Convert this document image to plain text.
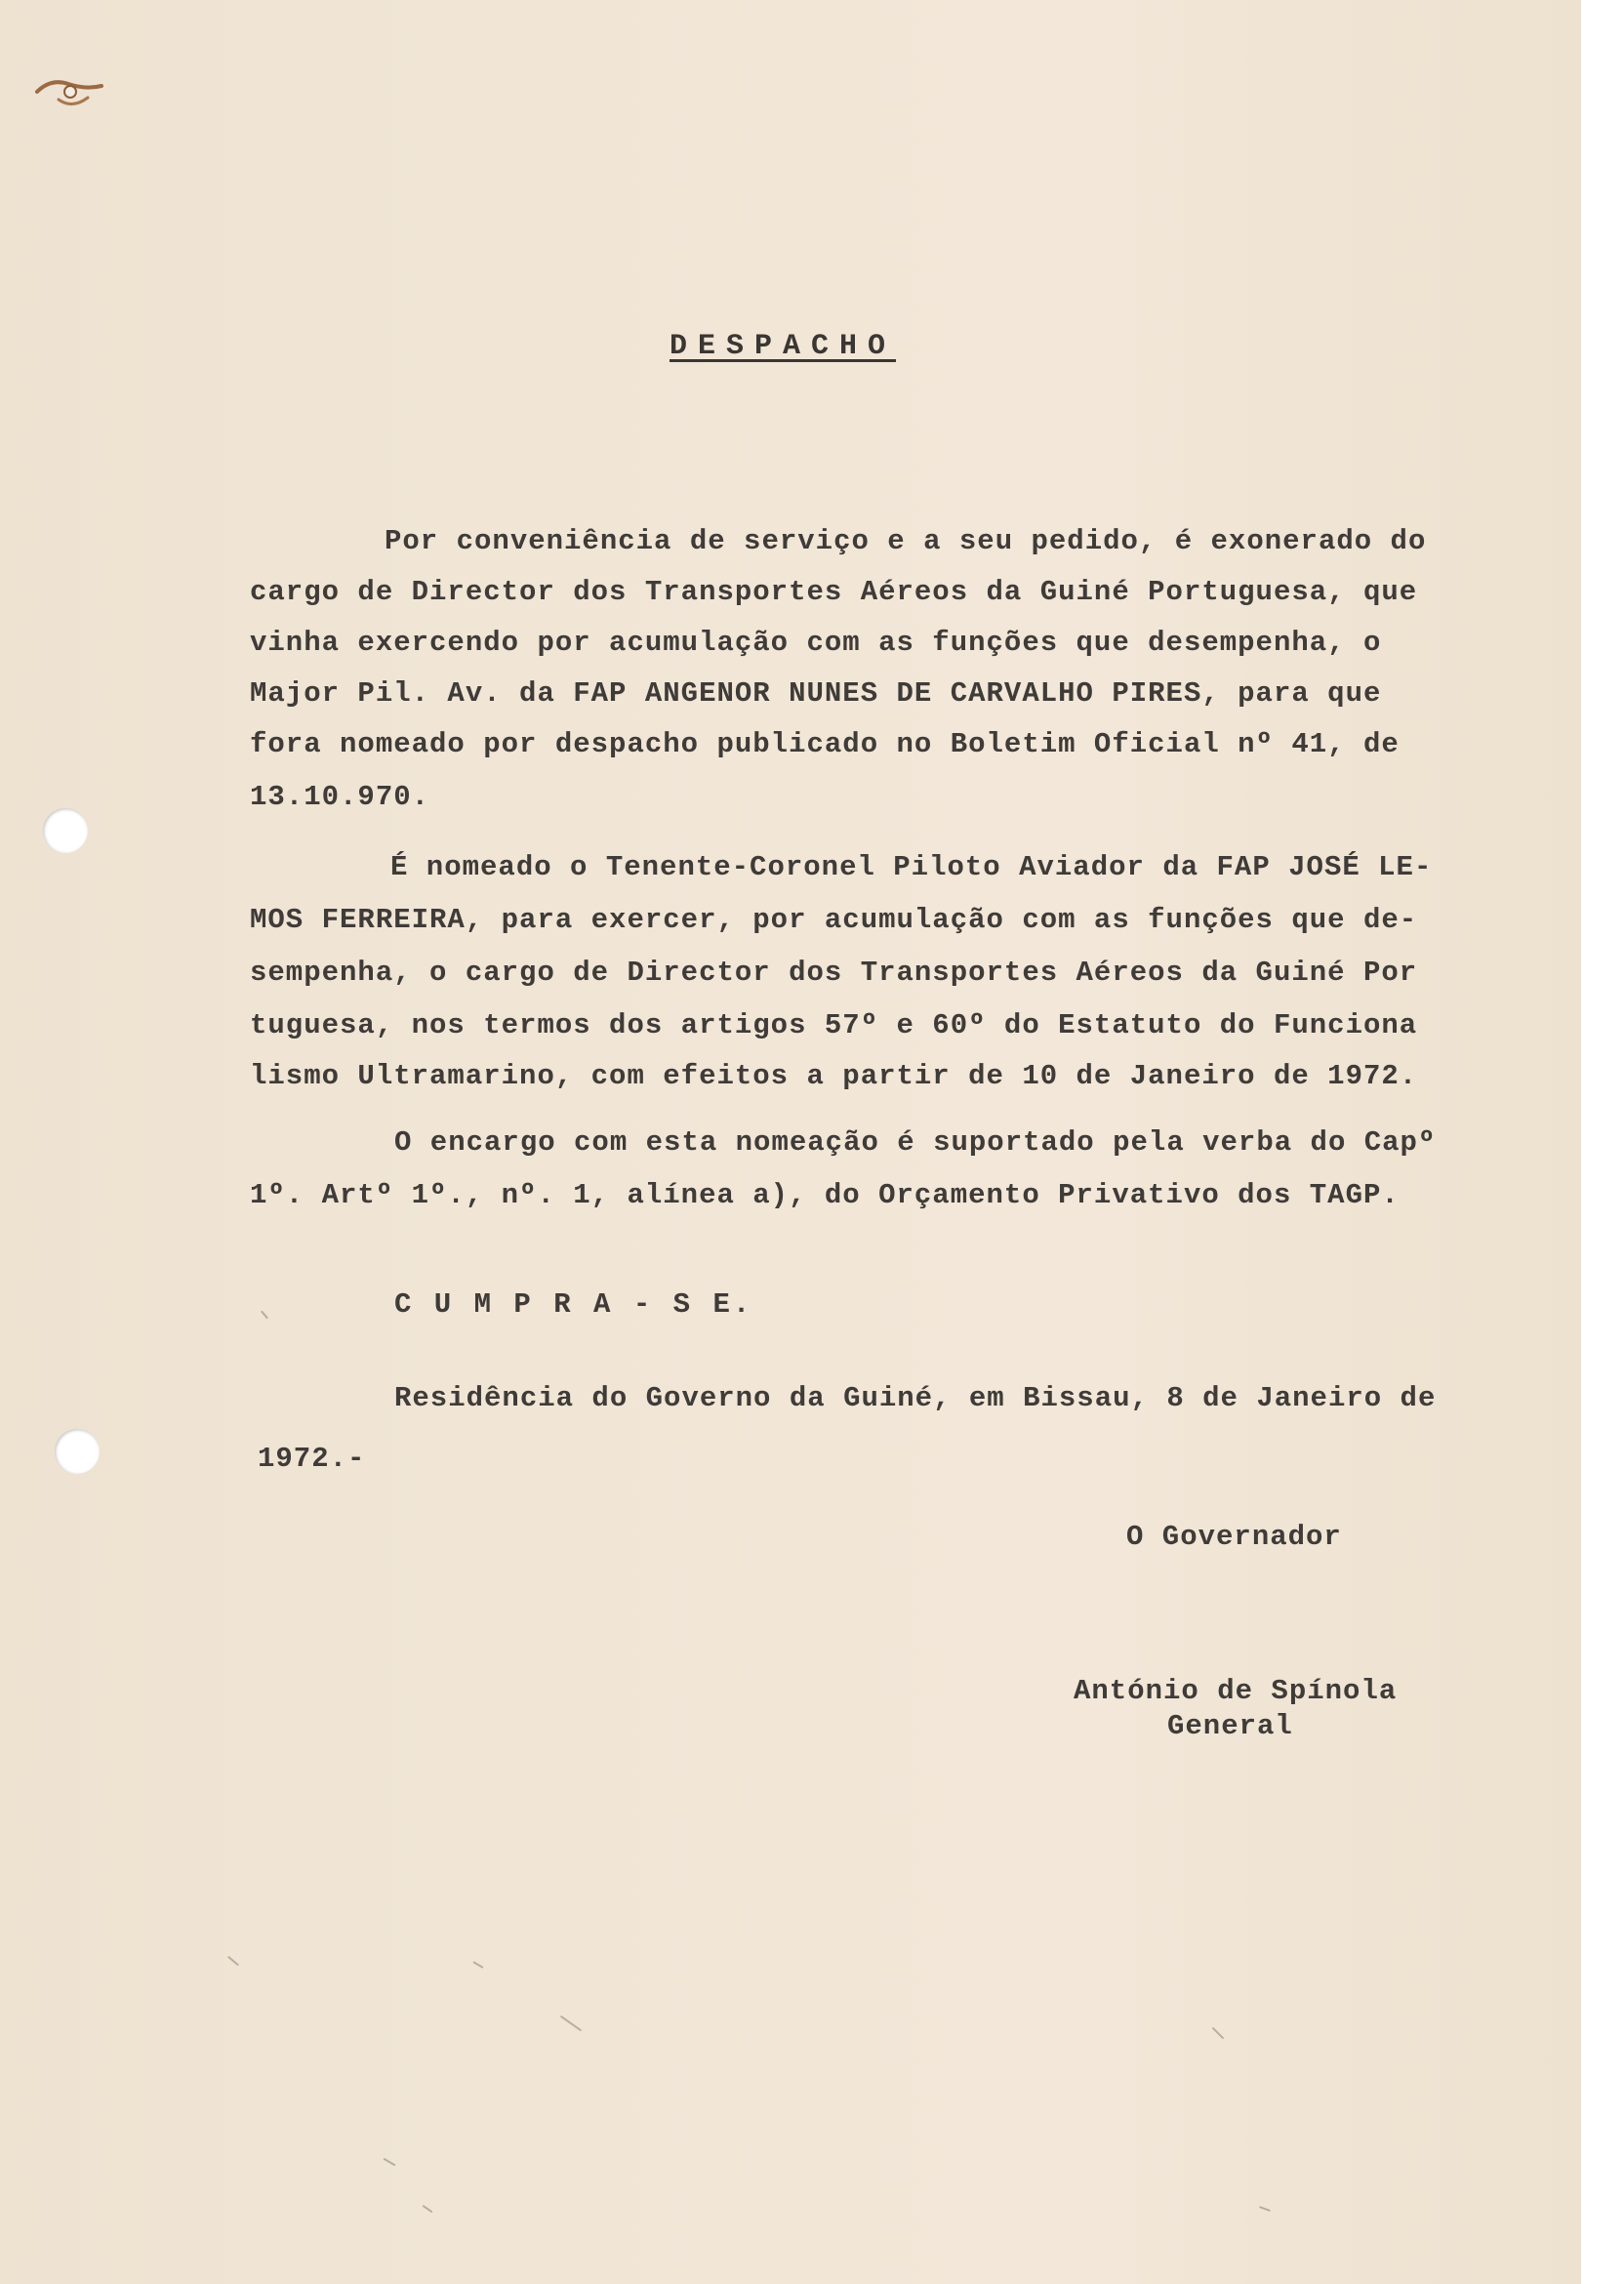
DESPACHO
Por conveniência de serviço e a seu pedido, é exonerado do
cargo de Director dos Transportes Aéreos da Guiné Portuguesa, que
vinha exercendo por acumulação com as funções que desempenha, o
Major Pil. Av. da FAP ANGENOR NUNES DE CARVALHO PIRES, para que
fora nomeado por despacho publicado no Boletim Oficial nº 41, de
13.10.970.
É nomeado o Tenente-Coronel Piloto Aviador da FAP JOSÉ LE-
MOS FERREIRA, para exercer, por acumulação com as funções que de-
sempenha, o cargo de Director dos Transportes Aéreos da Guiné Por
tuguesa, nos termos dos artigos 57º e 60º do Estatuto do Funciona
lismo Ultramarino, com efeitos a partir de 10 de Janeiro de 1972.
O encargo com esta nomeação é suportado pela verba do Capº
1º. Artº 1º., nº. 1, alínea a), do Orçamento Privativo dos TAGP.
C U M P R A - S E.
Residência do Governo da Guiné, em Bissau, 8 de Janeiro de
1972.-
O Governador
António de Spínola
General
